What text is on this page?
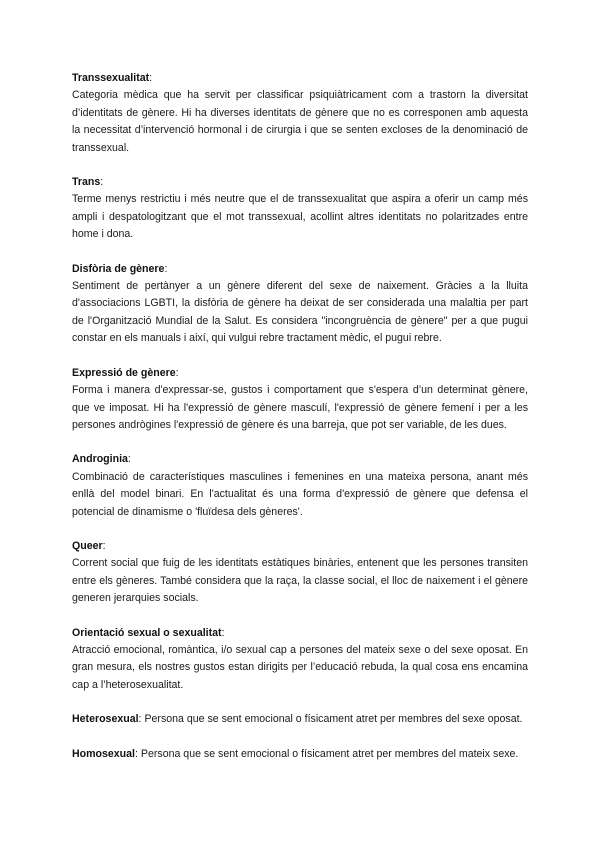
Transsexualitat:
Categoria mèdica que ha servit per classificar psiquiàtricament com a trastorn la diversitat d’identitats de gènere. Hi ha diverses identitats de gènere que no es corresponen amb aquesta la necessitat d’intervenció hormonal i de cirurgia i que se senten excloses de la denominació de transsexual.

Trans:
Terme menys restrictiu i més neutre que el de transsexualitat que aspira a oferir un camp més ampli i despatologitzant que el mot transsexual, acollint altres identitats no polaritzades entre home i dona.

Disfòria de gènere:
Sentiment de pertànyer a un gènere diferent del sexe de naixement. Gràcies a la lluita d'associacions LGBTI, la disfòria de gènere ha deixat de ser considerada una malaltia per part de l'Organització Mundial de la Salut. Es considera "incongruència de gènere" per a que pugui constar en els manuals i així, qui vulgui rebre tractament mèdic, el pugui rebre.

Expressió de gènere:
Forma i manera d'expressar-se, gustos i comportament que s'espera d’un determinat gènere, que ve imposat. Hi ha l'expressió de gènere masculí, l'expressió de gènere femení i per a les persones andrògines l'expressió de gènere és una barreja, que pot ser variable, de les dues.

Androginia:
Combinació de característiques masculines i femenines en una mateixa persona, anant més enllà del model binari. En l'actualitat és una forma d'expressió de gènere que defensa el potencial de dinamisme o 'fluïdesa dels gèneres'.

Queer:
Corrent social que fuig de les identitats estàtiques binàries, entenent que les persones transiten entre els gèneres. També considera que la raça, la classe social, el lloc de naixement i el gènere generen jerarquies socials.

Orientació sexual o sexualitat:
Atracció emocional, romàntica, i/o sexual cap a persones del mateix sexe o del sexe oposat. En gran mesura, els nostres gustos estan dirigits per l’educació rebuda, la qual cosa ens encamina cap a l’heterosexualitat.

Heterosexual: Persona que se sent emocional o físicament atret per membres del sexe oposat.

Homosexual: Persona que se sent emocional o físicament atret per membres del mateix sexe.
